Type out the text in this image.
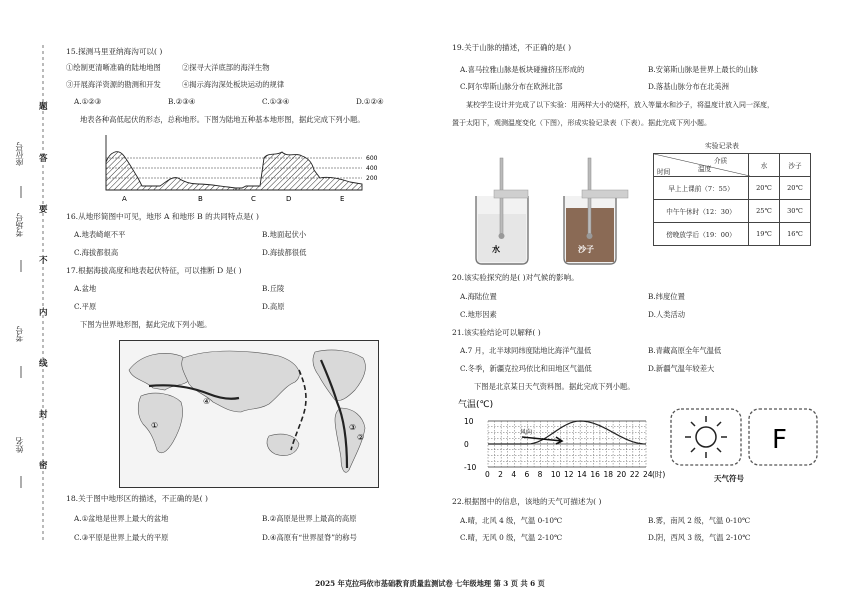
座位号
考场号
考号
姓名
题
答
要
不
内
线
封
密
15.探测马里亚纳海沟可以( )
①绘制更清晰准确的陆地地图	②探寻大洋底部的海洋生物
③开展海洋资源的勘测和开发	④揭示海沟深处板块运动的规律
A.①②③	B.②③④	C.①③④	D.①②④
地表各种高低起伏的形态，总称地形。下图为陆地五种基本地形图，据此完成下列小题。
600
400
200
A	B	C	D	E
16.从地形简图中可见，地形 A 和地形 B 的共同特点是( )
A.地表崎岖不平	B.地面起伏小
C.海拔都很高	D.海拔都很低
17.根据海拔高度和地表起伏特征，可以推断 D 是( )
A.盆地	B.丘陵
C.平原	D.高原
下图为世界地形图，据此完成下列小题。
①
②
③
④
18.关于图中地形区的描述，不正确的是( )
A.①盆地是世界上最大的盆地	B.②高原是世界上最高的高原
C.③平原是世界上最大的平原	D.④高原有“世界屋脊”的称号
19.关于山脉的描述，不正确的是( )
A.喜马拉雅山脉是板块碰撞挤压形成的	B.安第斯山脉是世界上最长的山脉
C.阿尔卑斯山脉分布在欧洲北部	D.落基山脉分布在北美洲
某校学生设计并完成了以下实验：用两样大小的烧杯，放入等量水和沙子，将温度计放入同一深度，
置于太阳下，观测温度变化（下图），形成实验记录表（下表）。据此完成下列小题。
水	沙子
实验记录表
介质
温度
时间	水	沙子
早上上课前（7：55）	20℃	20℃
中午午休时（12：30）	25℃	30℃
傍晚放学后（19：00）	19℃	16℃
20.该实验探究的是( )对气候的影响。
A.海陆位置	B.纬度位置
C.地形因素	D.人类活动
21.该实验结论可以解释( )
A.7 月，北半球同纬度陆地比海洋气温低	B.青藏高原全年气温低
C.冬季，新疆克拉玛依比和田地区气温低	D.新疆气温年较差大
下图是北京某日天气资料图。据此完成下列小题。
气温(℃)
10
0
-10
0 2 4 6 8 10 12 14 16 18 20 22 24 (时)
风向	F
天气符号
22.根据图中的信息，该地的天气可描述为( )
A.晴，北风 4 级，气温 0-10℃	B.雾，南风 2 级，气温 0-10℃
C.晴，无风 0 级，气温 2-10℃	D.阴，西风 3 级，气温 2-10℃
2025 年克拉玛依市基础教育质量监测试卷 七年级地理 第 3 页 共 6 页
